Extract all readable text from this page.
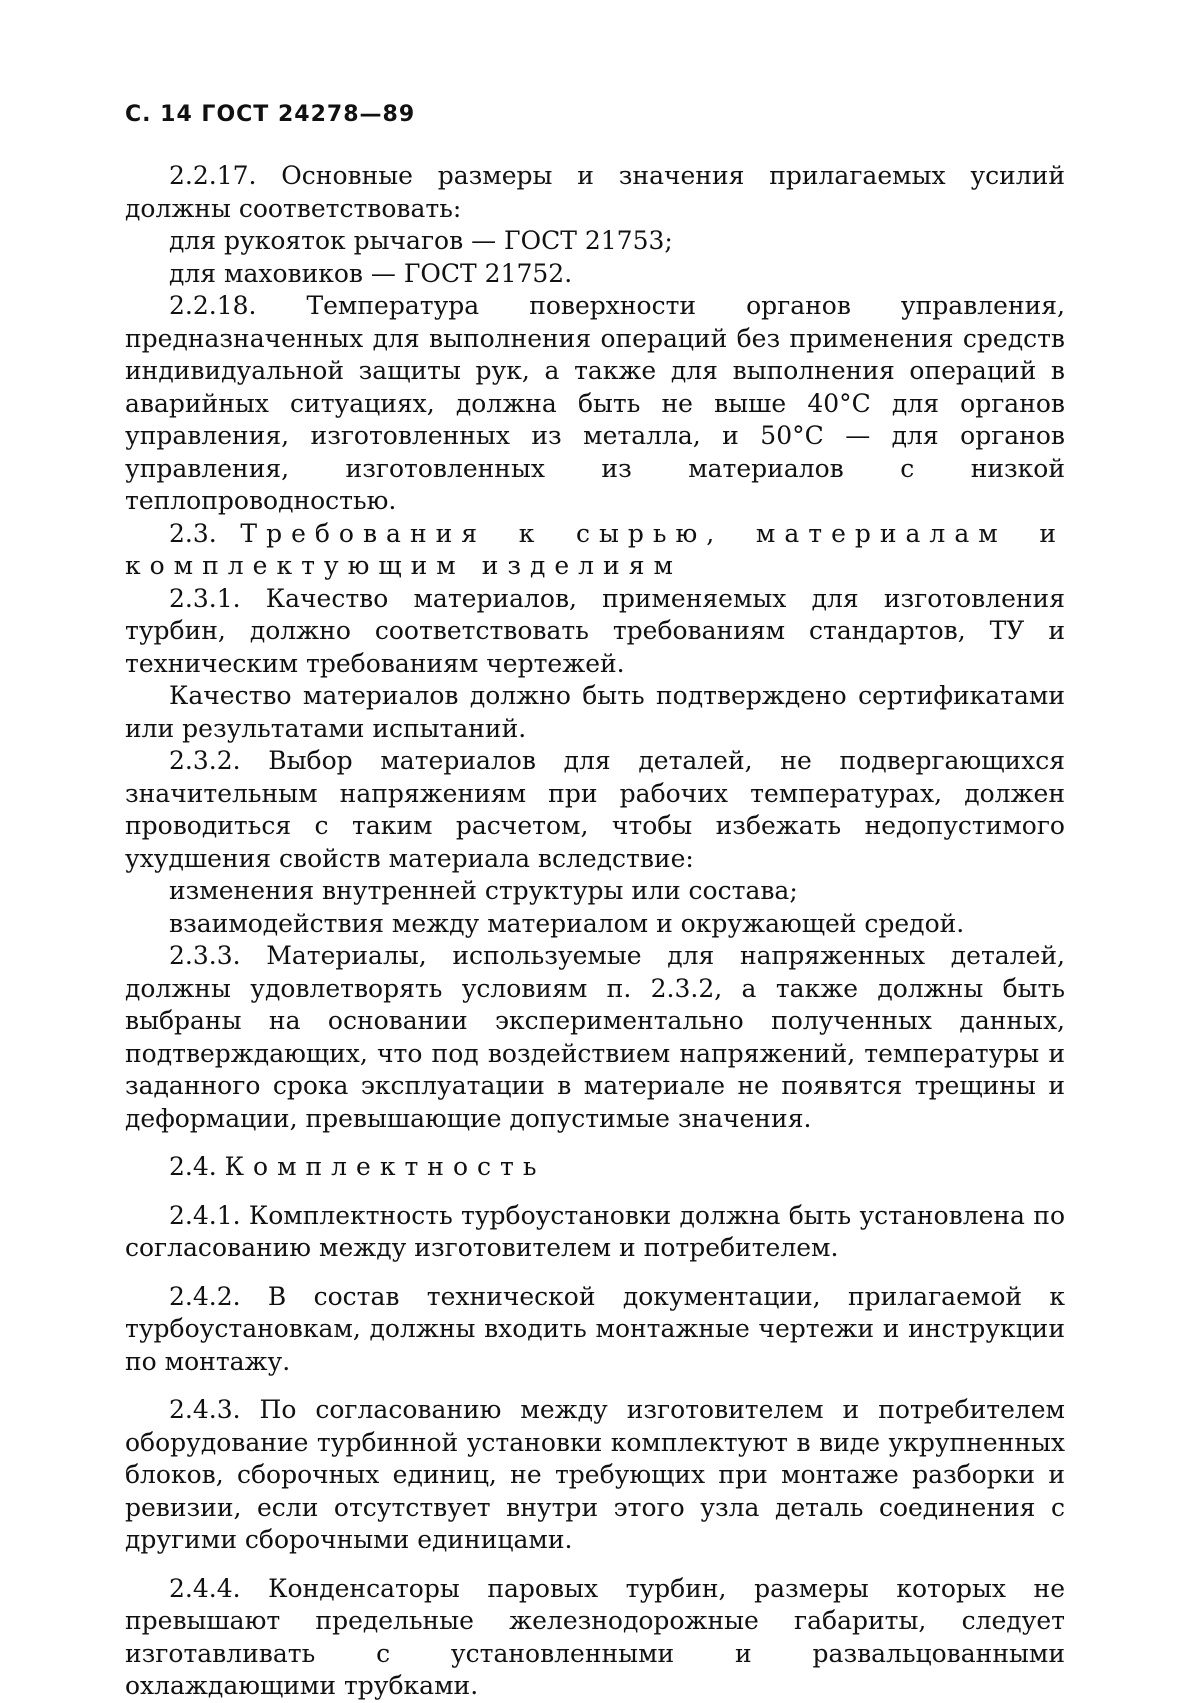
С. 14 ГОСТ 24278—89

2.2.17. Основные размеры и значения прилагаемых усилий должны соответствовать:

для рукояток рычагов — ГОСТ 21753;

для маховиков — ГОСТ 21752.

2.2.18. Температура поверхности органов управления, предназначенных для выполнения операций без применения средств индивидуальной защиты рук, а также для выполнения операций в аварийных ситуациях, должна быть не выше 40°С для органов управления, изготовленных из металла, и 50°С — для органов управления, изготовленных из материалов с низкой теплопроводностью.

2.3. Требования к сырью, материалам и комплектующим изделиям

2.3.1. Качество материалов, применяемых для изготовления турбин, должно соответствовать требованиям стандартов, ТУ и техническим требованиям чертежей.

Качество материалов должно быть подтверждено сертификатами или результатами испытаний.

2.3.2. Выбор материалов для деталей, не подвергающихся значительным напряжениям при рабочих температурах, должен проводиться с таким расчетом, чтобы избежать недопустимого ухудшения свойств материала вследствие:

изменения внутренней структуры или состава;

взаимодействия между материалом и окружающей средой.

2.3.3. Материалы, используемые для напряженных деталей, должны удовлетворять условиям п. 2.3.2, а также должны быть выбраны на основании экспериментально полученных данных, подтверждающих, что под воздействием напряжений, температуры и заданного срока эксплуатации в материале не появятся трещины и деформации, превышающие допустимые значения.

2.4. Комплектность

2.4.1. Комплектность турбоустановки должна быть установлена по согласованию между изготовителем и потребителем.

2.4.2. В состав технической документации, прилагаемой к турбоустановкам, должны входить монтажные чертежи и инструкции по монтажу.

2.4.3. По согласованию между изготовителем и потребителем оборудование турбинной установки комплектуют в виде укрупненных блоков, сборочных единиц, не требующих при монтаже разборки и ревизии, если отсутствует внутри этого узла деталь соединения с другими сборочными единицами.

2.4.4. Конденсаторы паровых турбин, размеры которых не превышают предельные железнодорожные габариты, следует изготавливать с установленными и развальцованными охлаждающими трубками.
